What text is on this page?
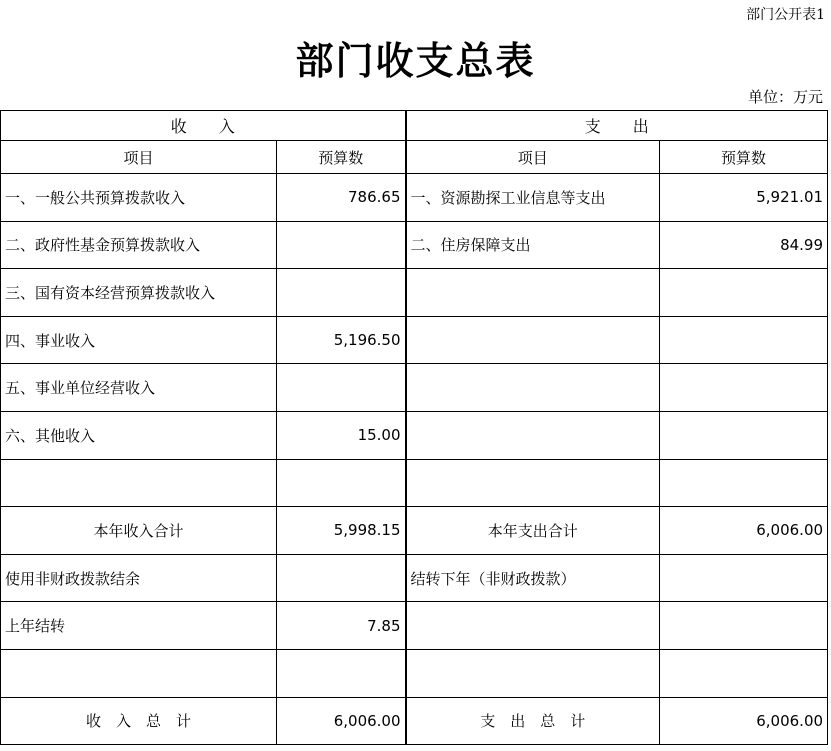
部门公开表1
部门收支总表
单位：万元
收　　入		支　　出	
项目	预算数	项目	预算数
一、一般公共预算拨款收入	786.65	一、资源勘探工业信息等支出	5,921.01
二、政府性基金预算拨款收入		二、住房保障支出	84.99
三、国有资本经营预算拨款收入			
四、事业收入	5,196.50		
五、事业单位经营收入			
六、其他收入	15.00		

本年收入合计	5,998.15	本年支出合计	6,006.00
使用非财政拨款结余		结转下年（非财政拨款）	
上年结转	7.85		

收　入　总　计	6,006.00	支　出　总　计	6,006.00
